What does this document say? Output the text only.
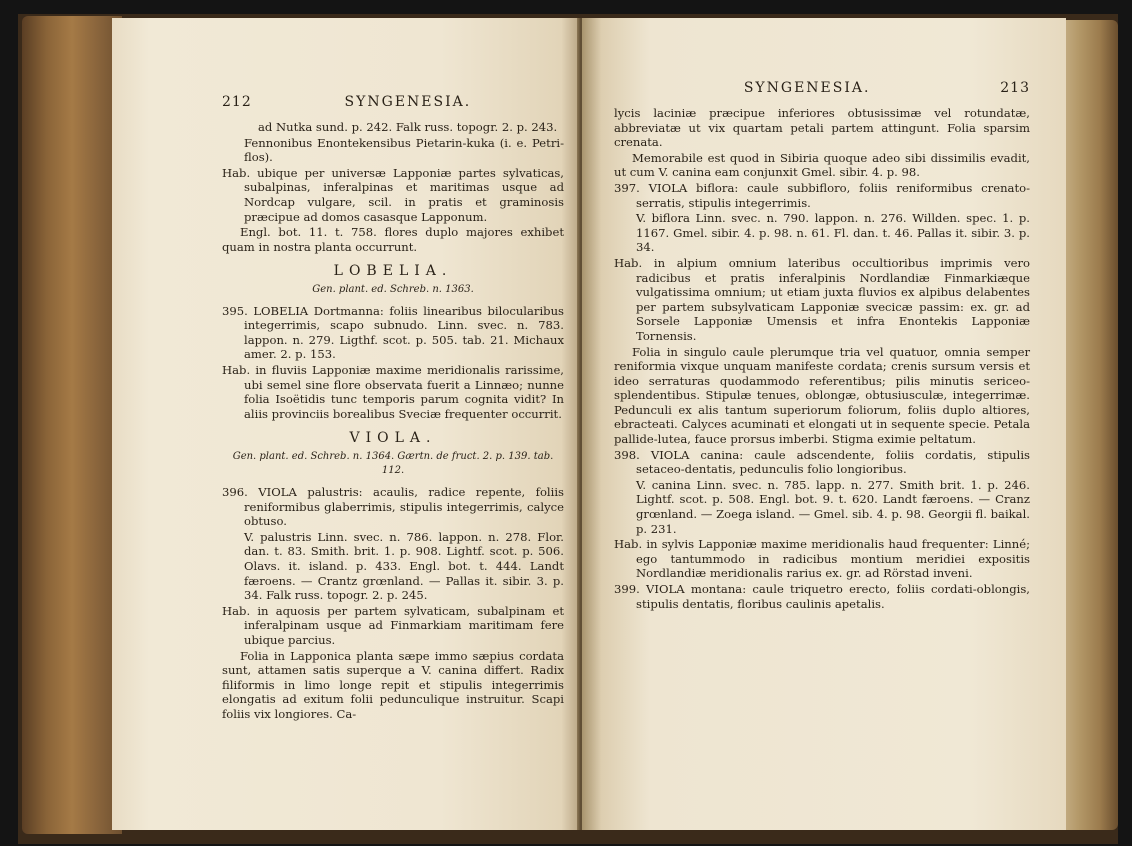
212	SYNGENESIA.

ad Nutka sund. p. 242. Falk russ. topogr. 2. p. 243.

Fennonibus Enontekensibus Pietarin-kuka (i. e. Petri-flos).

Hab. ubique per universæ Lapponiæ partes sylvaticas, subalpinas, inferalpinas et maritimas usque ad Nordcap vulgare, scil. in pratis et graminosis præcipue ad domos casasque Lapponum.

Engl. bot. 11. t. 758. flores duplo majores exhibet quam in nostra planta occurrunt.

LOBELIA.
Gen. plant. ed. Schreb. n. 1363.

395. LOBELIA Dortmanna: foliis linearibus bilocularibus integerrimis, scapo subnudo. Linn. svec. n. 783. lappon. n. 279. Ligthf. scot. p. 505. tab. 21. Michaux amer. 2. p. 153.

Hab. in fluviis Lapponiæ maxime meridionalis rarissime, ubi semel sine flore observata fuerit a Linnæo; nunne folia Isoëtidis tunc temporis parum cognita vidit? In aliis provinciis borealibus Sveciæ frequenter occurrit.

VIOLA.
Gen. plant. ed. Schreb. n. 1364. Gærtn. de fruct. 2. p. 139. tab. 112.

396. VIOLA palustris: acaulis, radice repente, foliis reniformibus glaberrimis, stipulis integerrimis, calyce obtuso.

V. palustris Linn. svec. n. 786. lappon. n. 278. Flor. dan. t. 83. Smith. brit. 1. p. 908. Lightf. scot. p. 506. Olavs. it. island. p. 433. Engl. bot. t. 444. Landt færoens. — Crantz grœnland. — Pallas it. sibir. 3. p. 34. Falk russ. topogr. 2. p. 245.

Hab. in aquosis per partem sylvaticam, subalpinam et inferalpinam usque ad Finmarkiam maritimam fere ubique parcius.

Folia in Lapponica planta sæpe immo sæpius cordata sunt, attamen satis superque a V. canina differt. Radix filiformis in limo longe repit et stipulis integerrimis elongatis ad exitum folii pedunculique instruitur. Scapi foliis vix longiores. Ca-

SYNGENESIA.	213

lycis laciniæ præcipue inferiores obtusissimæ vel rotundatæ, abbreviatæ ut vix quartam petali partem attingunt. Folia sparsim crenata.

Memorabile est quod in Sibiria quoque adeo sibi dissimilis evadit, ut cum V. canina eam conjunxit Gmel. sibir. 4. p. 98.

397. VIOLA biflora: caule subbifloro, foliis reniformibus crenato-serratis, stipulis integerrimis.

V. biflora Linn. svec. n. 790. lappon. n. 276. Willden. spec. 1. p. 1167. Gmel. sibir. 4. p. 98. n. 61. Fl. dan. t. 46. Pallas it. sibir. 3. p. 34.

Hab. in alpium omnium lateribus occultioribus imprimis vero radicibus et pratis inferalpinis Nordlandiæ Finmarkiæque vulgatissima omnium; ut etiam juxta fluvios ex alpibus delabentes per partem subsylvaticam Lapponiæ svecicæ passim: ex. gr. ad Sorsele Lapponiæ Umensis et infra Enontekis Lapponiæ Tornensis.

Folia in singulo caule plerumque tria vel quatuor, omnia semper reniformia vixque unquam manifeste cordata; crenis sursum versis et ideo serraturas quodammodo referentibus; pilis minutis sericeo-splendentibus. Stipulæ tenues, oblongæ, obtusiusculæ, integerrimæ. Pedunculi ex alis tantum superiorum foliorum, foliis duplo altiores, ebracteati. Calyces acuminati et elongati ut in sequente specie. Petala pallide-lutea, fauce prorsus imberbi. Stigma eximie peltatum.

398. VIOLA canina: caule adscendente, foliis cordatis, stipulis setaceo-dentatis, pedunculis folio longioribus.

V. canina Linn. svec. n. 785. lapp. n. 277. Smith brit. 1. p. 246. Lightf. scot. p. 508. Engl. bot. 9. t. 620. Landt færoens. — Cranz grœnland. — Zoega island. — Gmel. sib. 4. p. 98. Georgii fl. baikal. p. 231.

Hab. in sylvis Lapponiæ maxime meridionalis haud frequenter: Linné; ego tantummodo in radicibus montium meridiei expositis Nordlandiæ meridionalis rarius ex. gr. ad Rörstad inveni.

399. VIOLA montana: caule triquetro erecto, foliis cordati-oblongis, stipulis dentatis, floribus caulinis apetalis.
